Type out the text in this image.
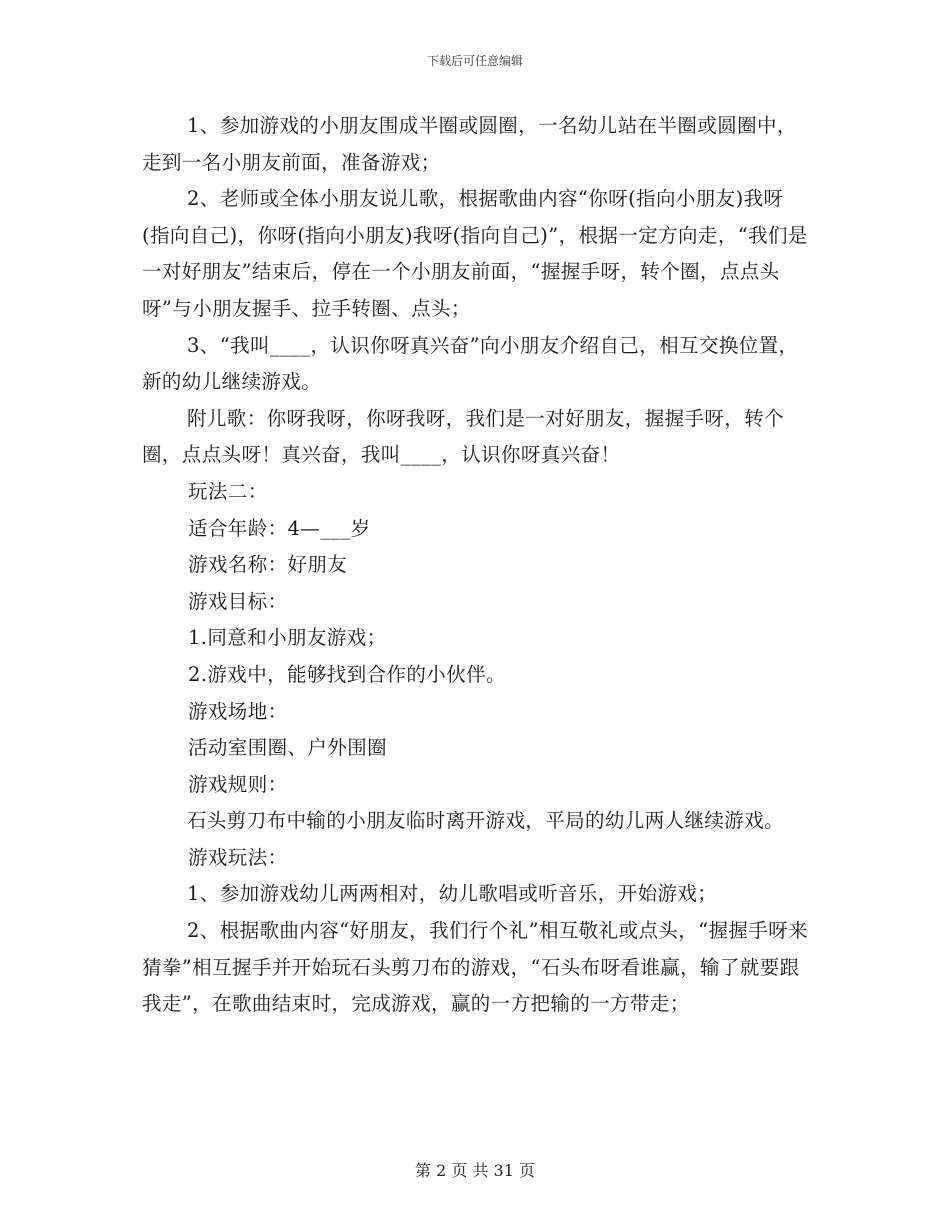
下载后可任意编辑

1、参加游戏的小朋友围成半圈或圆圈，一名幼儿站在半圈或圆圈中，走到一名小朋友前面，准备游戏；

2、老师或全体小朋友说儿歌，根据歌曲内容“你呀(指向小朋友)我呀(指向自己)，你呀(指向小朋友)我呀(指向自己)”，根据一定方向走，“我们是一对好朋友”结束后，停在一个小朋友前面，“握握手呀，转个圈，点点头呀”与小朋友握手、拉手转圈、点头；

3、“我叫____，认识你呀真兴奋”向小朋友介绍自己，相互交换位置，新的幼儿继续游戏。

附儿歌：你呀我呀，你呀我呀，我们是一对好朋友，握握手呀，转个圈，点点头呀！真兴奋，我叫____，认识你呀真兴奋！

玩法二：

适合年龄：4—___岁

游戏名称：好朋友

游戏目标：

1.同意和小朋友游戏；

2.游戏中，能够找到合作的小伙伴。

游戏场地：

活动室围圈、户外围圈

游戏规则：

石头剪刀布中输的小朋友临时离开游戏，平局的幼儿两人继续游戏。

游戏玩法：

1、参加游戏幼儿两两相对，幼儿歌唱或听音乐，开始游戏；

2、根据歌曲内容“好朋友，我们行个礼”相互敬礼或点头，“握握手呀来猜拳”相互握手并开始玩石头剪刀布的游戏，“石头布呀看谁赢，输了就要跟我走”，在歌曲结束时，完成游戏，赢的一方把输的一方带走；

第 2 页 共 31 页
